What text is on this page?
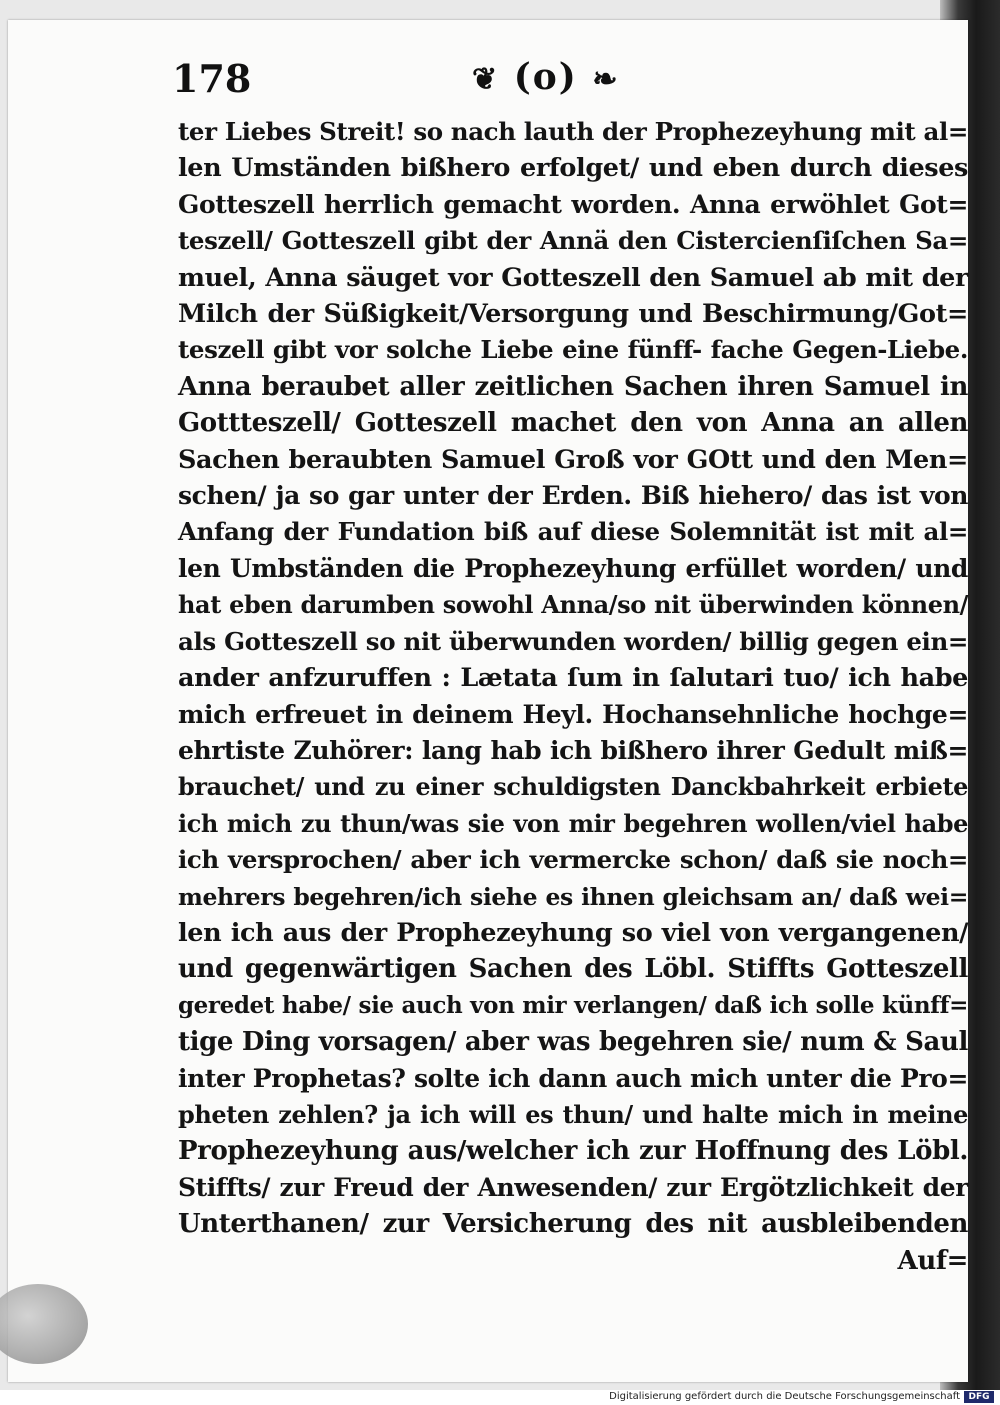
178	❦ (o) ❧
ter Liebes Streit! so nach lauth der Prophezeyhung mit al=
len Umständen bißhero erfolget/ und eben durch dieses
Gotteszell herrlich gemacht worden. Anna erwöhlet Got=
teszell/ Gotteszell gibt der Annä den Cistercienſiſchen Sa=
muel, Anna säuget vor Gotteszell den Samuel ab mit der
Milch der Süßigkeit/Versorgung und Beschirmung/Got=
teszell gibt vor solche Liebe eine fünff- fache Gegen-Liebe.
Anna beraubet aller zeitlichen Sachen ihren Samuel in
Gottteszell/ Gotteszell machet den von Anna an allen
Sachen beraubten Samuel Groß vor GOtt und den Men=
schen/ ja so gar unter der Erden. Biß hiehero/ das ist von
Anfang der Fundation biß auf diese Solemnität ist mit al=
len Umbständen die Prophezeyhung erfüllet worden/ und
hat eben darumben sowohl Anna/so nit überwinden können/
als Gotteszell so nit überwunden worden/ billig gegen ein=
ander anfzuruffen : Lætata ſum in ſalutari tuo/ ich habe
mich erfreuet in deinem Heyl. Hochansehnliche hochge=
ehrtiste Zuhörer: lang hab ich bißhero ihrer Gedult miß=
brauchet/ und zu einer schuldigsten Danckbahrkeit erbiete
ich mich zu thun/was sie von mir begehren wollen/viel habe
ich versprochen/ aber ich vermercke schon/ daß sie noch=
mehrers begehren/ich siehe es ihnen gleichsam an/ daß wei=
len ich aus der Prophezeyhung so viel von vergangenen/
und gegenwärtigen Sachen des Löbl. Stiffts Gotteszell
geredet habe/ sie auch von mir verlangen/ daß ich solle künff=
tige Ding vorsagen/ aber was begehren sie/ num & Saul
inter Prophetas? solte ich dann auch mich unter die Pro=
pheten zehlen? ja ich will es thun/ und halte mich in meine
Prophezeyhung aus/welcher ich zur Hoffnung des Löbl.
Stiffts/ zur Freud der Anwesenden/ zur Ergötzlichkeit der
Unterthanen/ zur Versicherung des nit ausbleibenden
Auf=
Digitalisierung gefördert durch die Deutsche Forschungsgemeinschaft DFG
